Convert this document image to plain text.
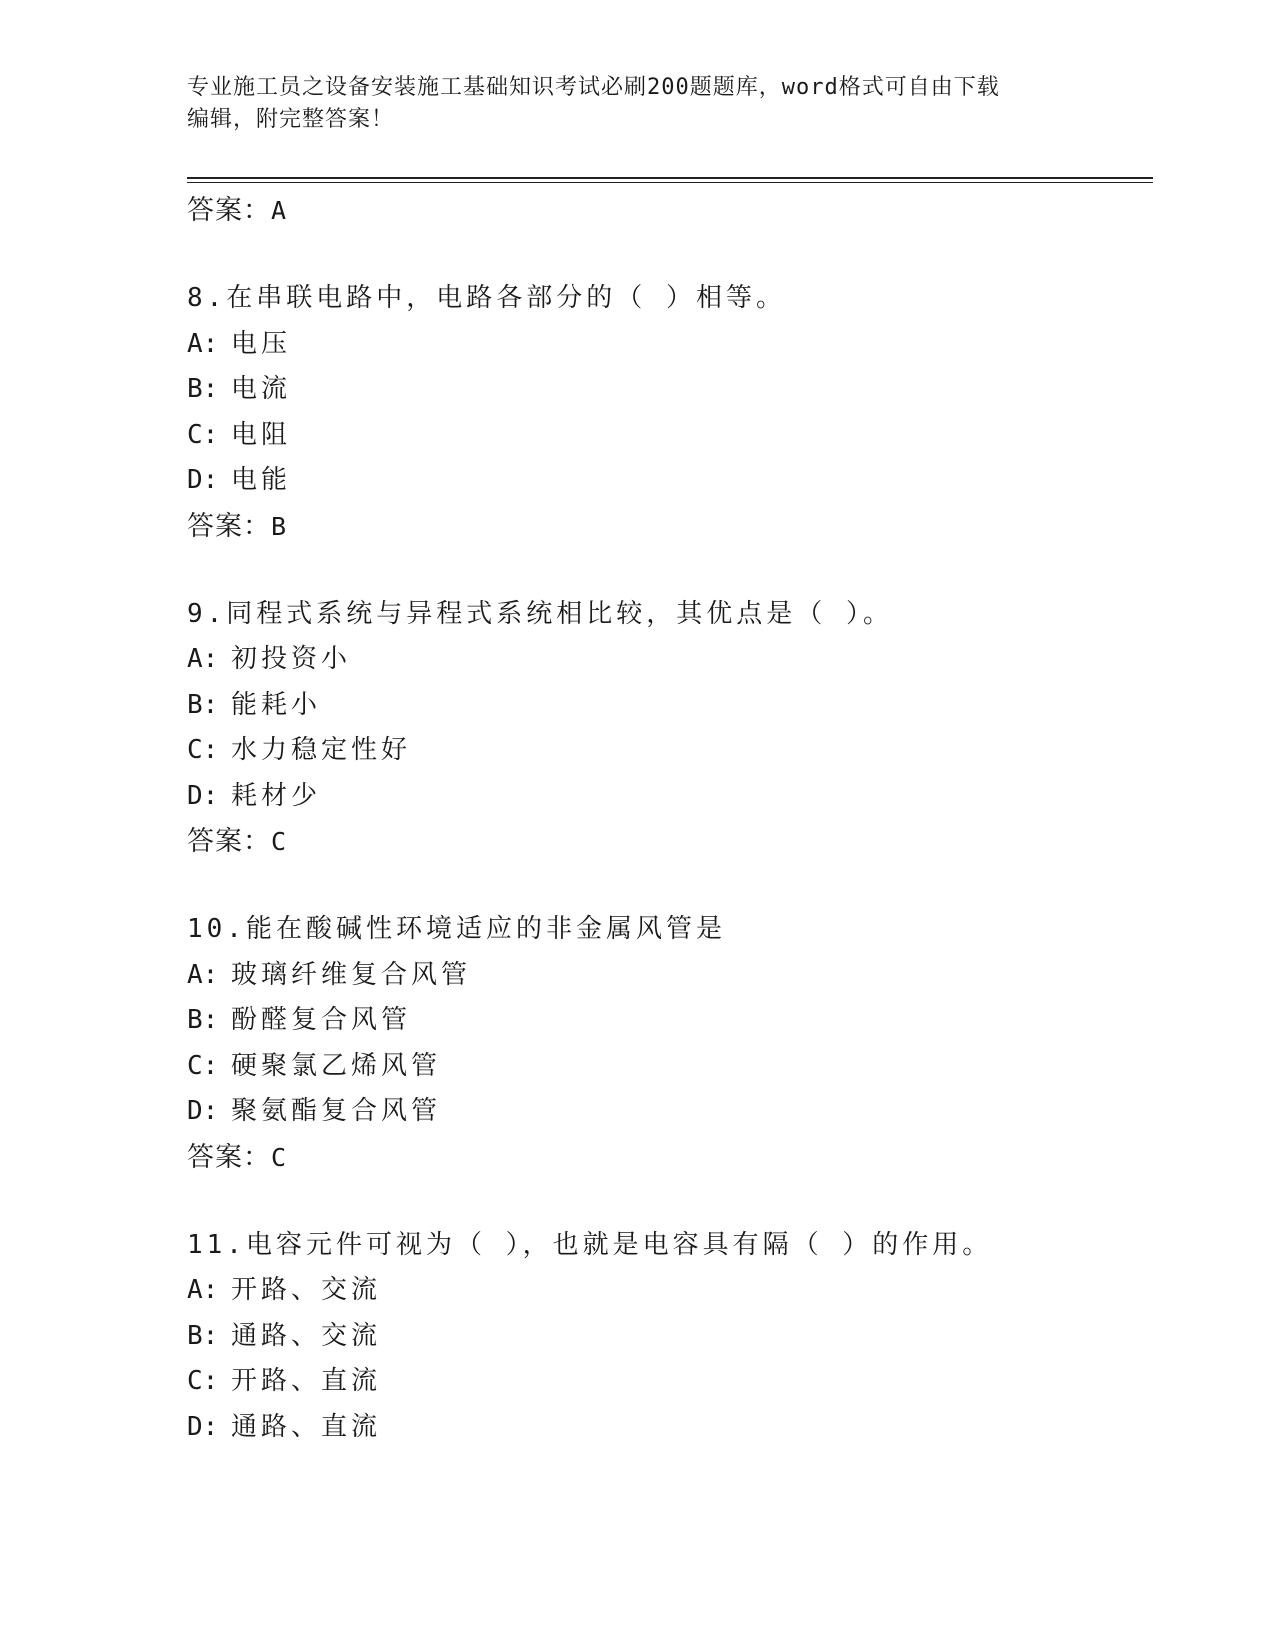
专业施工员之设备安装施工基础知识考试必刷200题题库，word格式可自由下载
编辑，附完整答案！
答案：A
8.在串联电路中，电路各部分的（ ）相等。
A: 电压
B: 电流
C: 电阻
D: 电能
答案：B
9.同程式系统与异程式系统相比较，其优点是（ ）。
A: 初投资小
B: 能耗小
C: 水力稳定性好
D: 耗材少
答案：C
10.能在酸碱性环境适应的非金属风管是
A: 玻璃纤维复合风管
B: 酚醛复合风管
C: 硬聚氯乙烯风管
D: 聚氨酯复合风管
答案：C
11.电容元件可视为（ ），也就是电容具有隔（ ）的作用。
A: 开路、交流
B: 通路、交流
C: 开路、直流
D: 通路、直流
